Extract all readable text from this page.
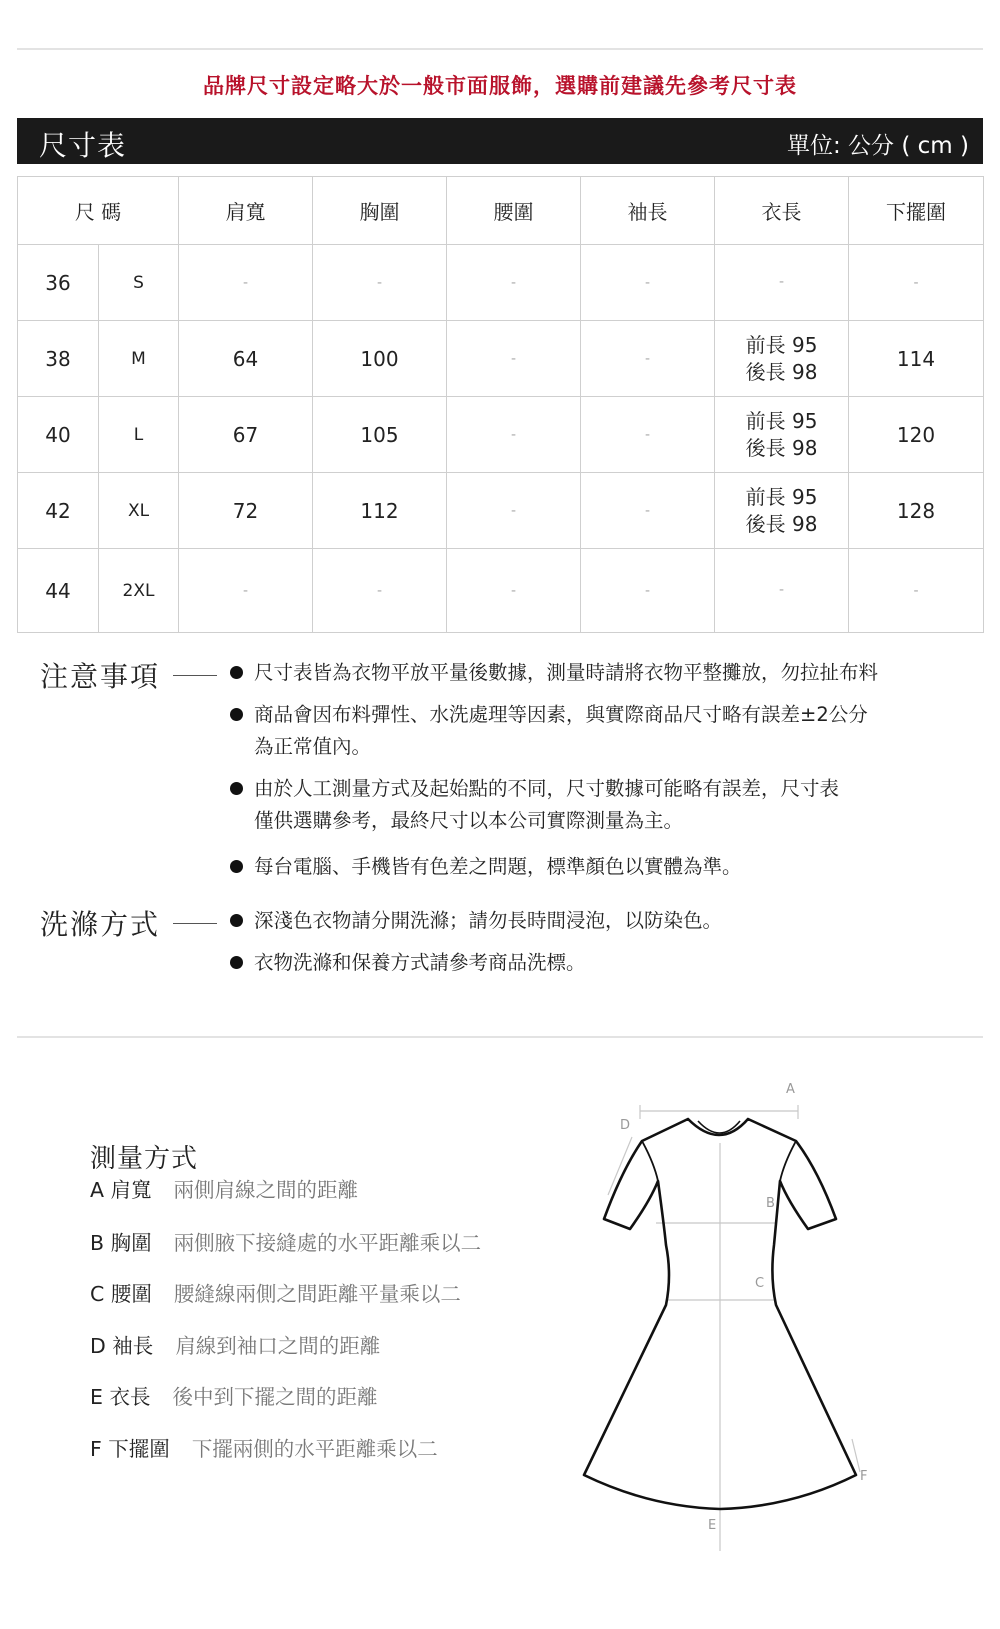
品牌尺寸設定略大於一般市面服飾，選購前建議先參考尺寸表
尺寸表	單位: 公分 ( cm )
尺 碼		肩寬	胸圍	腰圍	袖長	衣長	下擺圍
36	S	-	-	-	-	-	-
38	M	64	100	-	-	前長 95
後長 98	114
40	L	67	105	-	-	前長 95
後長 98	120
42	XL	72	112	-	-	前長 95
後長 98	128
44	2XL	-	-	-	-	-	-
注意事項	尺寸表皆為衣物平放平量後數據，測量時請將衣物平整攤放，勿拉扯布料
商品會因布料彈性、水洗處理等因素，與實際商品尺寸略有誤差±2公分
為正常值內。
由於人工測量方式及起始點的不同，尺寸數據可能略有誤差，尺寸表
僅供選購參考，最終尺寸以本公司實際測量為主。
每台電腦、手機皆有色差之問題，標準顏色以實體為準。
洗滌方式	深淺色衣物請分開洗滌；請勿長時間浸泡，以防染色。
衣物洗滌和保養方式請參考商品洗標。
測量方式
A 肩寬 兩側肩線之間的距離
B 胸圍 兩側腋下接縫處的水平距離乘以二
C 腰圍 腰縫線兩側之間距離平量乘以二
D 袖長 肩線到袖口之間的距離
E 衣長 後中到下擺之間的距離
F 下擺圍 下擺兩側的水平距離乘以二
A
D
B
C
F
E
